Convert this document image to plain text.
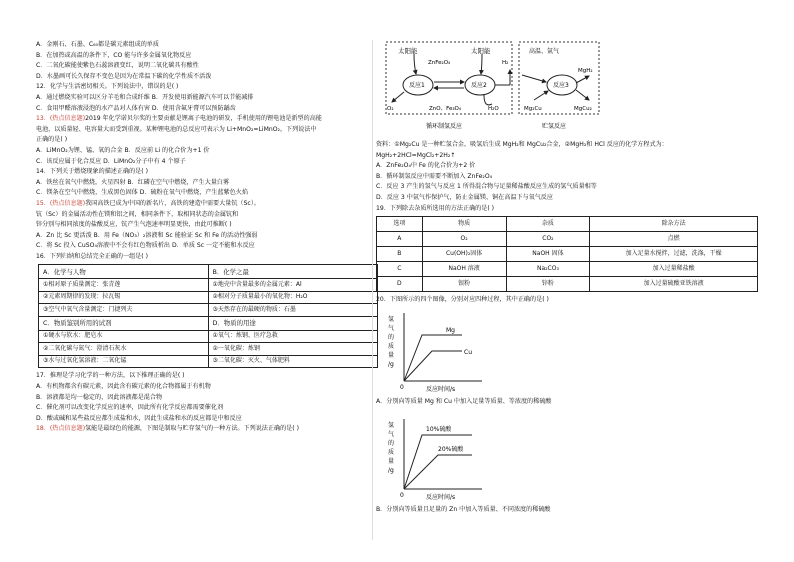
A．金刚石、石墨、C₆₀都是碳元素组成的单质
B．在加热或高温的条件下，CO 能与许多金属氧化物反应
C．二氧化碳能使紫色石蕊溶液变红，说明二氧化碳具有酸性
D．水墨画可长久保存不变色是因为在常温下碳的化学性质不活泼
12．化学与生活密切相关。下列说法中，错误的是( )
A．通过燃烧实验可以区分羊毛和合成纤维 B．开发使用新能源汽车可以节能减排
C．食用甲醛溶液浸泡的水产品对人体有害 D．使用含氟牙膏可以预防龋齿
13．(热点信息题)2019 年化学诺贝尔奖的主要贡献是锂离子电池的研发，手机使用的锂电池是新型的高能
电池，以质量轻、电容量大而受到重视。某种锂电池的总反应可表示为 Li+MnO₂=LiMnO₂，下列说法中
正确的是( )
A．LiMnO₂为锂、锰、氧的合金 B．反应前 Li 的化合价为+1 价
C．该反应属于化合反应 D．LiMnO₂分子中有 4 个原子
14．下列关于燃烧现象的描述正确的是( )
A．铁丝在氧气中燃烧，火星四射 B．红磷在空气中燃烧，产生大量白雾
C．镁条在空气中燃烧，生成黑色固体 D．硫粉在氧气中燃烧，产生蓝紫色火焰
15．(热点信息题)我国高铁已成为中国的新名片，高铁的建造中需要大量钪（Sc）。
钪（Sc）的金属活动性在镁和铝之间，相同条件下，取相同状态的金属钪和
锌分别与相同浓度的盐酸反应，钪产生气泡速率明显更快，由此可推断( )
A．Zn 比 Sc 更活泼 B．用 Fe（NO₃）₂溶液和 Sc 能验证 Sc 和 Fe 的活动性强弱
C．将 Sc 投入 CuSO₄溶液中不会有红色物质析出 D．单质 Sc 一定不能和水反应
16．下列归纳和总结完全正确的一组是( )
A．化学与人物	B．化学之最
①相对原子质量测定：张青莲	①地壳中含量最多的金属元素：Al
②元素周期律的发现：拉瓦锡	②相对分子质量最小的氧化物：H₂O
③空气中氧气含量测定：门捷列夫	③天然存在的最硬的物质：石墨
C．物质鉴别所用的试剂	D．物质的用途
①硬水与软水：肥皂水	①氧气：炼钢、医疗急救
②二氧化碳与氮气：澄清石灰水	②一氧化碳：炼钢
③水与过氧化氢溶液：二氧化锰	③二氧化碳：灭火、气体肥料
17．推理是学习化学的一种方法，以下推理正确的是( )
A．有机物都含有碳元素，因此含有碳元素的化合物都属于有机物
B．溶液都是均一稳定的，因此溶液都是混合物
C．催化剂可以改变化学反应的速率，因此所有化学反应都需要催化剂
D．酸或碱和某些盐反应都生成盐和水，因此生成盐和水的反应都是中和反应
18．(热点信息题)氢能是最绿色的能源，下图是制取与贮存氢气的一种方法。下列说法正确的是( )
太阳能	太阳能
ZnFe₂O₄	H₂
反应1	反应2	反应3
O₂	ZnO、Fe₃O₄	H₂O
高温、氩气
MgH₂
Mg₂Cu	MgCu₂
循环制氢反应	贮氢反应
资料：①Mg₂Cu 是一种贮氢合金，吸氢后生成 MgH₂和 MgCu₂合金，②MgH₂和 HCl 反应的化学方程式为：
MgH₂+2HCl=MgCl₂+2H₂↑
A．ZnFe₂O₄中 Fe 的化合价为+2 价
B．循环制氢反应中需要不断加入 ZnFe₂O₄
C．反应 3 产生的氢气与反应 1 所得混合物与足量稀盐酸反应生成的氢气质量相等
D．反应 3 中氩气作保护气，防止金属镁、铜在高温下与氧气反应
19．下列除去杂质所选用的方法正确的是( )
选项	物质	杂质	除杂方法
A	O₂	CO₂	点燃
B	Cu(OH)₂固体	NaOH 固体	加入足量水搅拌，过滤，洗涤，干燥
C	NaOH 溶液	Na₂CO₃	加入过量稀盐酸
D	银粉	锌粉	加入过量硫酸亚铁溶液
20．下图所示的四个图像，分别对应四种过程，其中正确的是( )
氢
气
的
质
量
/g
Mg
Cu
0	反应时间/s
A．分别向等质量 Mg 和 Cu 中加入足量等质量、等浓度的稀硫酸
氢
气
的
质
量
/g
10%硫酸
20%硫酸
0	反应时间/s
B．分别向等质量且足量的 Zn 中加入等质量、不同浓度的稀硫酸
